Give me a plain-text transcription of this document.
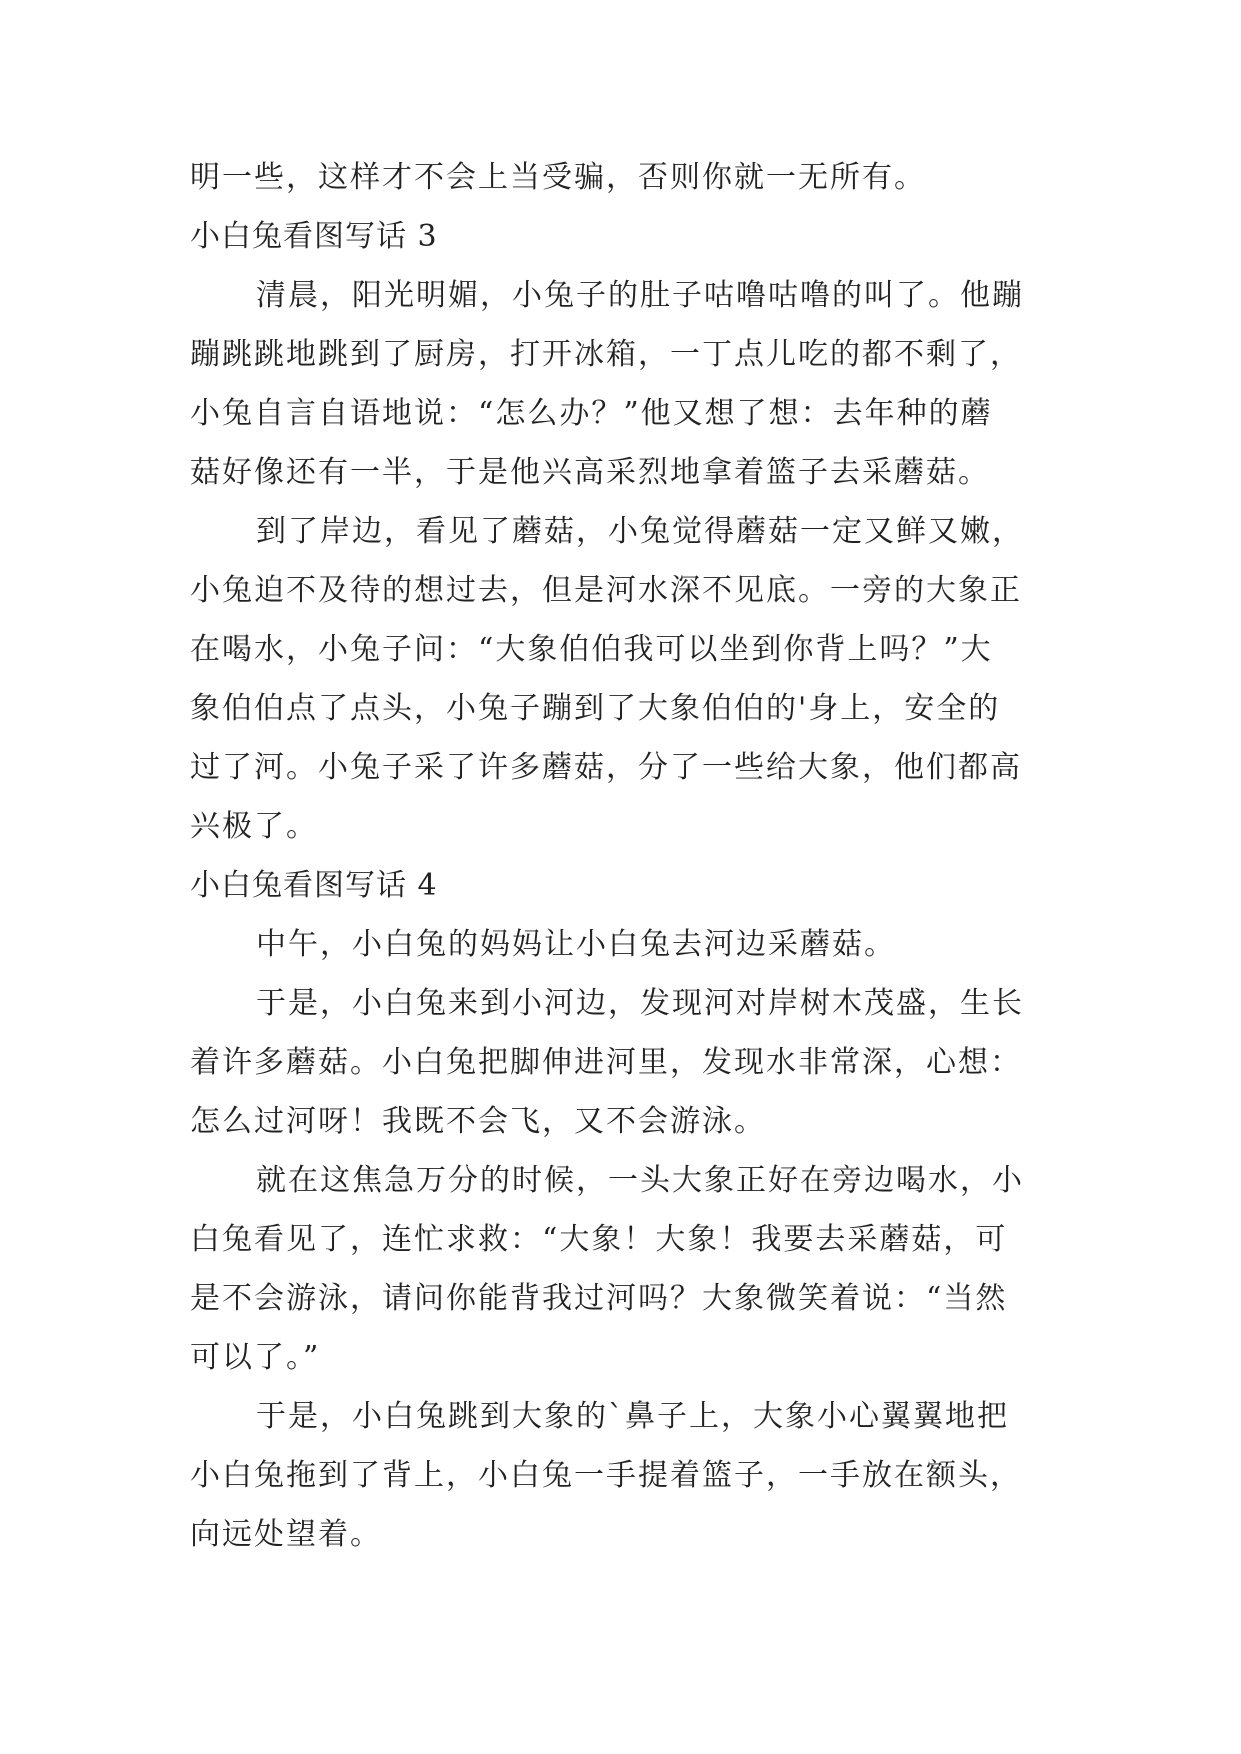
明一些，这样才不会上当受骗，否则你就一无所有。
小白兔看图写话 3
清晨，阳光明媚，小兔子的肚子咕噜咕噜的叫了。他蹦
蹦跳跳地跳到了厨房，打开冰箱，一丁点儿吃的都不剩了，
小兔自言自语地说：“怎么办？”他又想了想：去年种的蘑
菇好像还有一半，于是他兴高采烈地拿着篮子去采蘑菇。
到了岸边，看见了蘑菇，小兔觉得蘑菇一定又鲜又嫩，
小兔迫不及待的想过去，但是河水深不见底。一旁的大象正
在喝水，小兔子问：“大象伯伯我可以坐到你背上吗？”大
象伯伯点了点头，小兔子蹦到了大象伯伯的'身上，安全的
过了河。小兔子采了许多蘑菇，分了一些给大象，他们都高
兴极了。
小白兔看图写话 4
中午，小白兔的妈妈让小白兔去河边采蘑菇。
于是，小白兔来到小河边，发现河对岸树木茂盛，生长
着许多蘑菇。小白兔把脚伸进河里，发现水非常深，心想：
怎么过河呀！我既不会飞，又不会游泳。
就在这焦急万分的时候，一头大象正好在旁边喝水，小
白兔看见了，连忙求救：“大象！大象！我要去采蘑菇，可
是不会游泳，请问你能背我过河吗？大象微笑着说：“当然
可以了。”
于是，小白兔跳到大象的`鼻子上，大象小心翼翼地把
小白兔拖到了背上，小白兔一手提着篮子，一手放在额头，
向远处望着。
